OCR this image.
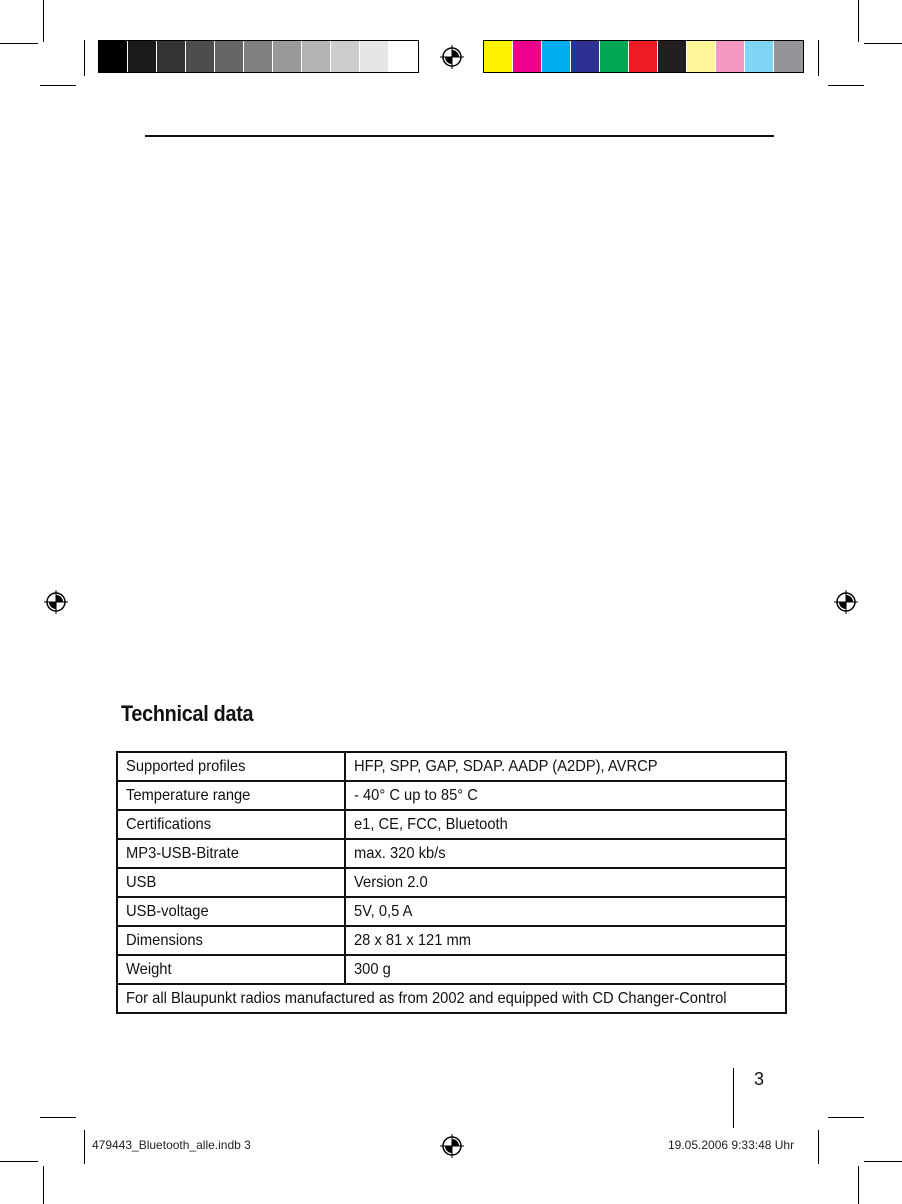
Technical data
Supported profiles	HFP, SPP, GAP, SDAP. AADP (A2DP), AVRCP
Temperature range	- 40° C up to 85° C
Certifications	e1, CE, FCC, Bluetooth
MP3-USB-Bitrate	max. 320 kb/s
USB	Version 2.0
USB-voltage	5V, 0,5 A
Dimensions	28 x 81 x 121 mm
Weight	300 g
For all Blaupunkt radios manufactured as from 2002 and equipped with CD Changer-Control	
3
479443_Bluetooth_alle.indb 3	19.05.2006 9:33:48 Uhr
